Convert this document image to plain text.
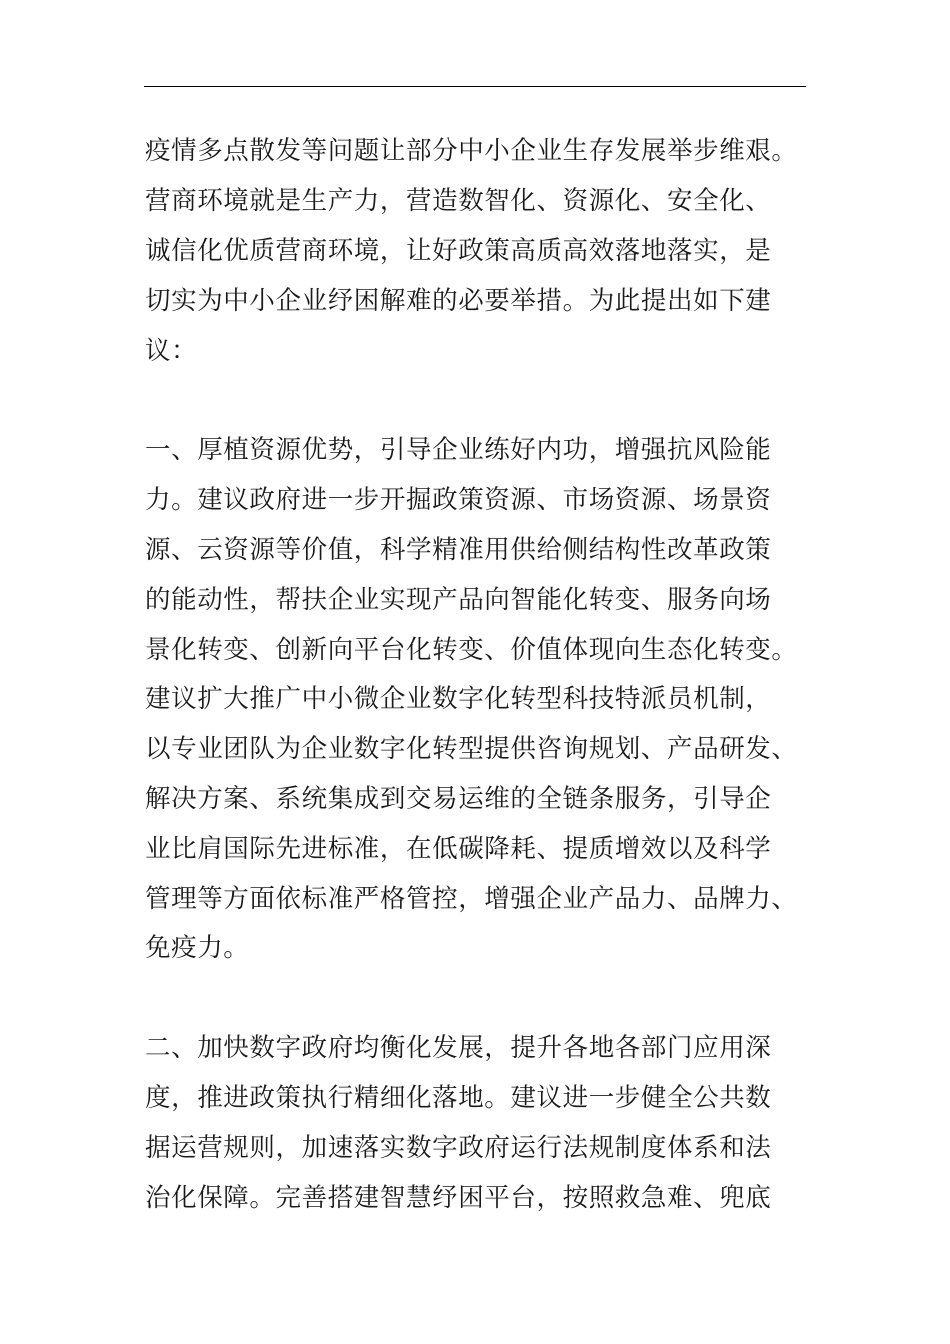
疫情多点散发等问题让部分中小企业生存发展举步维艰。
营商环境就是生产力，营造数智化、资源化、安全化、
诚信化优质营商环境，让好政策高质高效落地落实，是
切实为中小企业纾困解难的必要举措。为此提出如下建
议：
一、厚植资源优势，引导企业练好内功，增强抗风险能
力。建议政府进一步开掘政策资源、市场资源、场景资
源、云资源等价值，科学精准用供给侧结构性改革政策
的能动性，帮扶企业实现产品向智能化转变、服务向场
景化转变、创新向平台化转变、价值体现向生态化转变。
建议扩大推广中小微企业数字化转型科技特派员机制，
以专业团队为企业数字化转型提供咨询规划、产品研发、
解决方案、系统集成到交易运维的全链条服务，引导企
业比肩国际先进标准，在低碳降耗、提质增效以及科学
管理等方面依标准严格管控，增强企业产品力、品牌力、
免疫力。
二、加快数字政府均衡化发展，提升各地各部门应用深
度，推进政策执行精细化落地。建议进一步健全公共数
据运营规则，加速落实数字政府运行法规制度体系和法
治化保障。完善搭建智慧纾困平台，按照救急难、兜底
